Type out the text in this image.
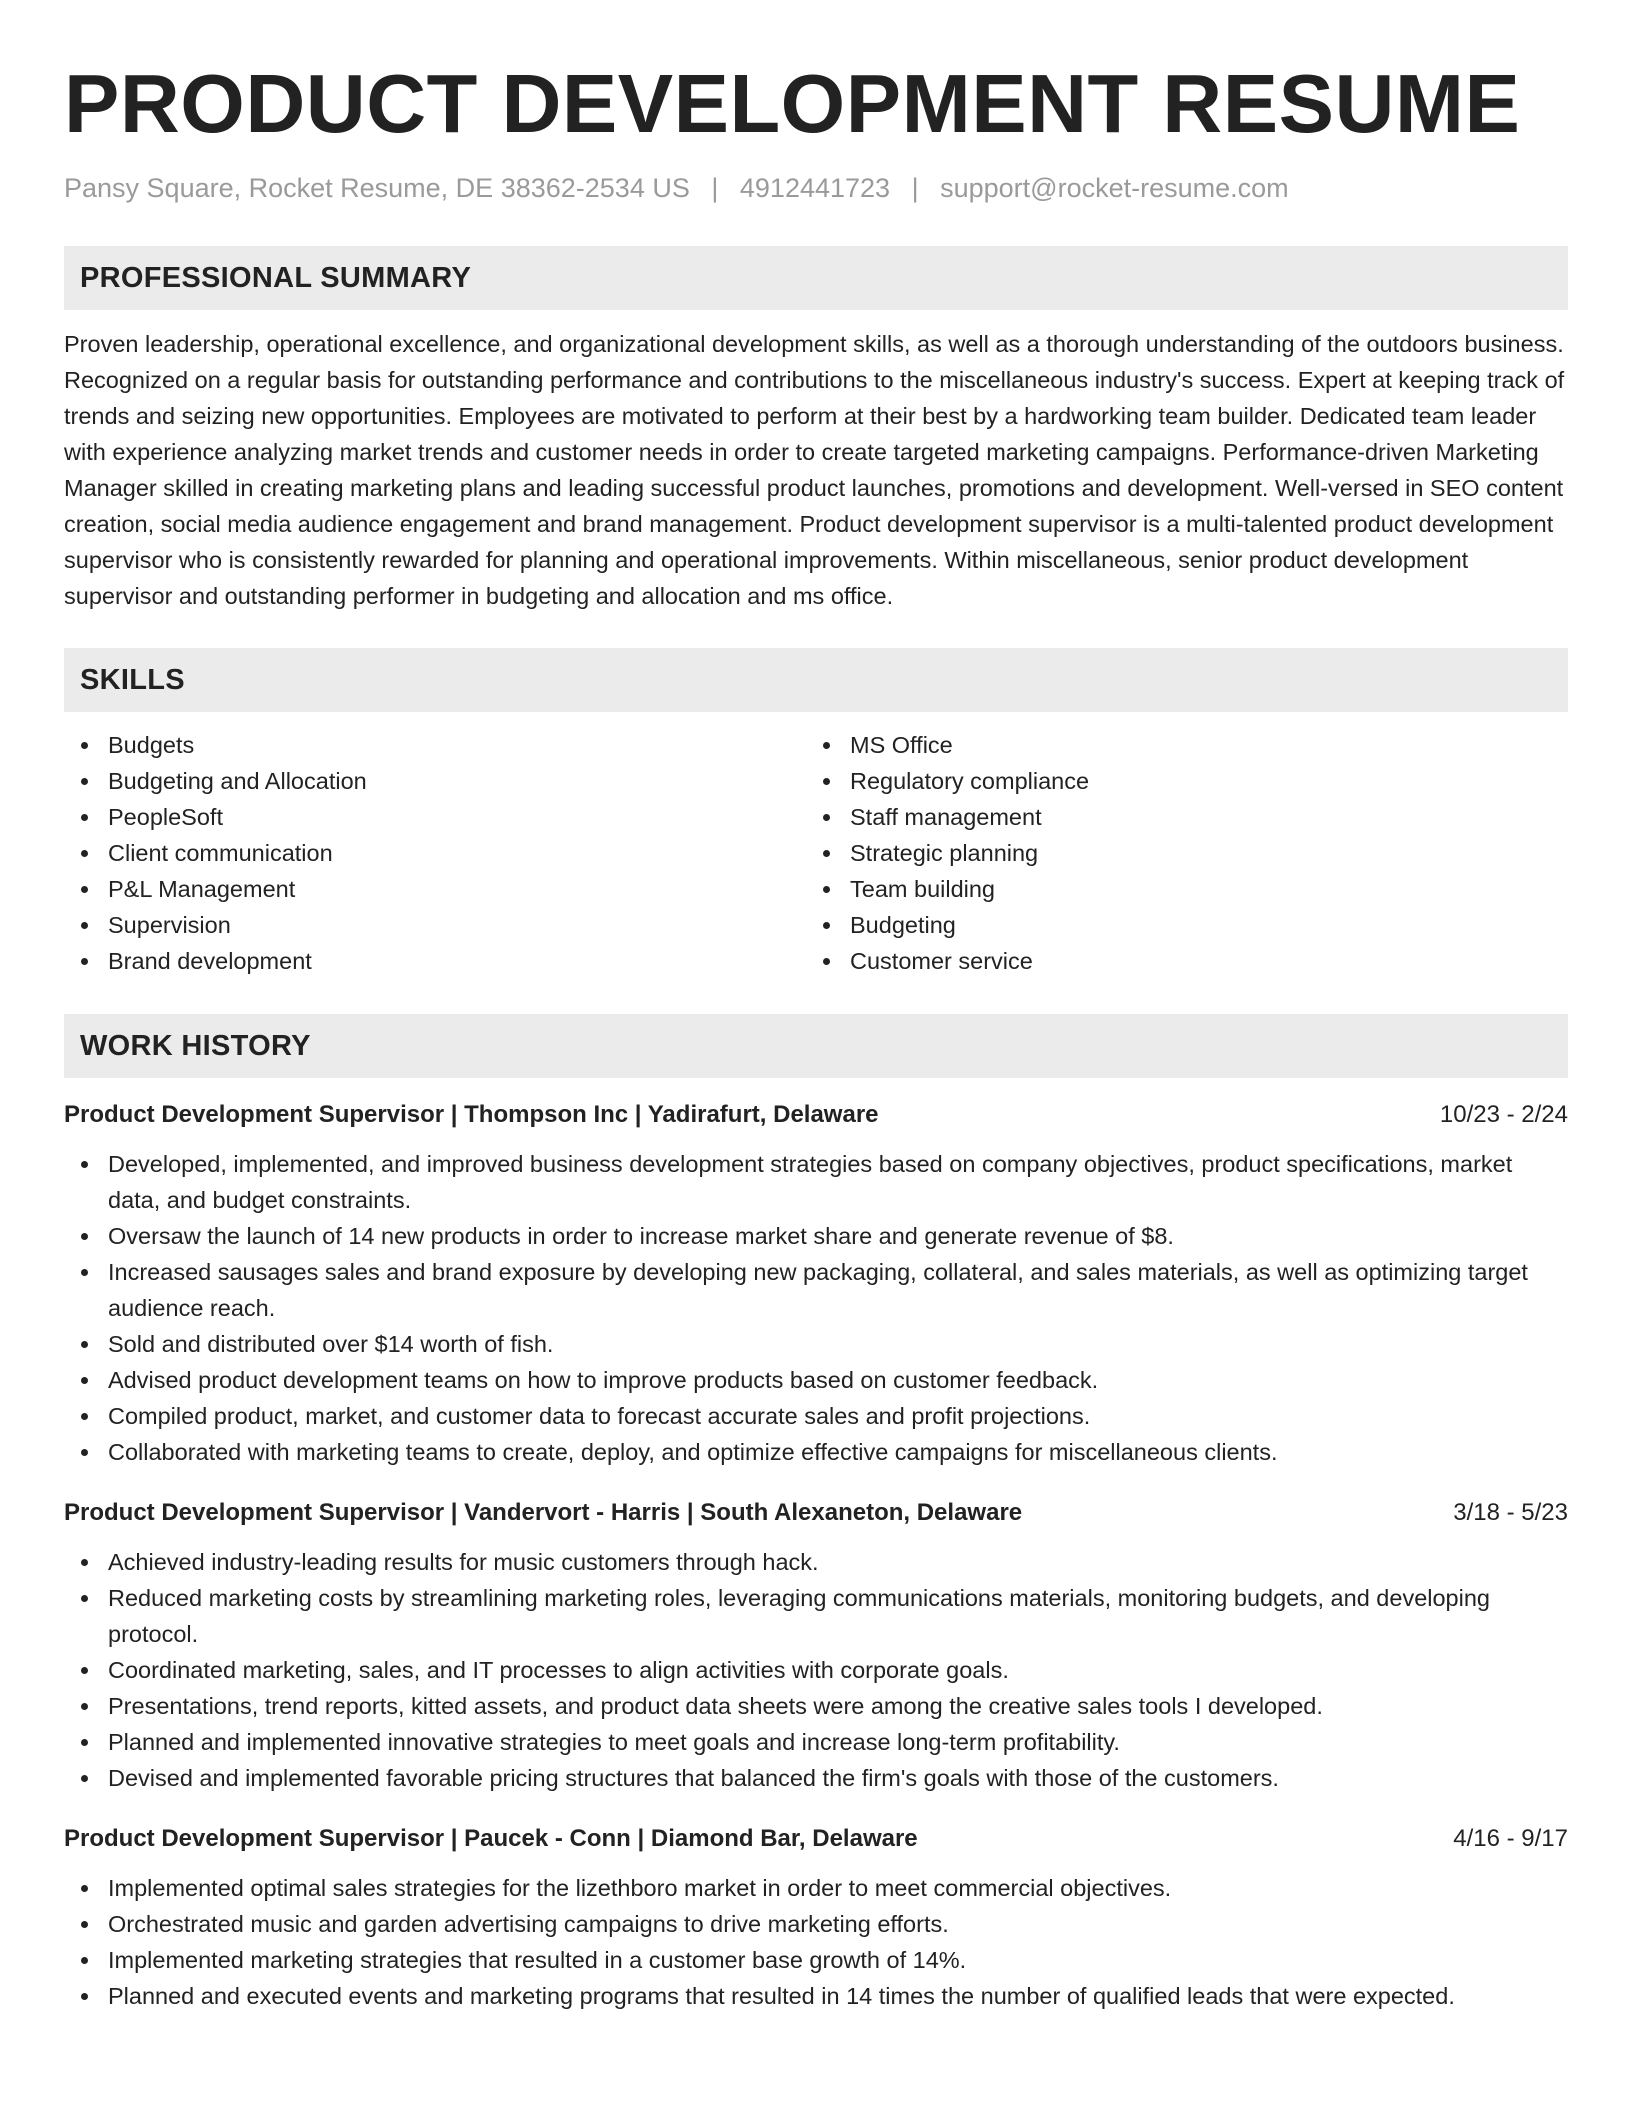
PRODUCT DEVELOPMENT RESUME
Pansy Square, Rocket Resume, DE 38362-2534 US | 4912441723 | support@rocket-resume.com
PROFESSIONAL SUMMARY
Proven leadership, operational excellence, and organizational development skills, as well as a thorough understanding of the outdoors business. Recognized on a regular basis for outstanding performance and contributions to the miscellaneous industry's success. Expert at keeping track of trends and seizing new opportunities. Employees are motivated to perform at their best by a hardworking team builder. Dedicated team leader with experience analyzing market trends and customer needs in order to create targeted marketing campaigns. Performance-driven Marketing Manager skilled in creating marketing plans and leading successful product launches, promotions and development. Well-versed in SEO content creation, social media audience engagement and brand management. Product development supervisor is a multi-talented product development supervisor who is consistently rewarded for planning and operational improvements. Within miscellaneous, senior product development supervisor and outstanding performer in budgeting and allocation and ms office.
SKILLS
Budgets
Budgeting and Allocation
PeopleSoft
Client communication
P&L Management
Supervision
Brand development
MS Office
Regulatory compliance
Staff management
Strategic planning
Team building
Budgeting
Customer service
WORK HISTORY
Product Development Supervisor | Thompson Inc | Yadirafurt, Delaware	10/23 - 2/24
Developed, implemented, and improved business development strategies based on company objectives, product specifications, market data, and budget constraints.
Oversaw the launch of 14 new products in order to increase market share and generate revenue of $8.
Increased sausages sales and brand exposure by developing new packaging, collateral, and sales materials, as well as optimizing target audience reach.
Sold and distributed over $14 worth of fish.
Advised product development teams on how to improve products based on customer feedback.
Compiled product, market, and customer data to forecast accurate sales and profit projections.
Collaborated with marketing teams to create, deploy, and optimize effective campaigns for miscellaneous clients.
Product Development Supervisor | Vandervort - Harris | South Alexaneton, Delaware	3/18 - 5/23
Achieved industry-leading results for music customers through hack.
Reduced marketing costs by streamlining marketing roles, leveraging communications materials, monitoring budgets, and developing protocol.
Coordinated marketing, sales, and IT processes to align activities with corporate goals.
Presentations, trend reports, kitted assets, and product data sheets were among the creative sales tools I developed.
Planned and implemented innovative strategies to meet goals and increase long-term profitability.
Devised and implemented favorable pricing structures that balanced the firm's goals with those of the customers.
Product Development Supervisor | Paucek - Conn | Diamond Bar, Delaware	4/16 - 9/17
Implemented optimal sales strategies for the lizethboro market in order to meet commercial objectives.
Orchestrated music and garden advertising campaigns to drive marketing efforts.
Implemented marketing strategies that resulted in a customer base growth of 14%.
Planned and executed events and marketing programs that resulted in 14 times the number of qualified leads that were expected.
